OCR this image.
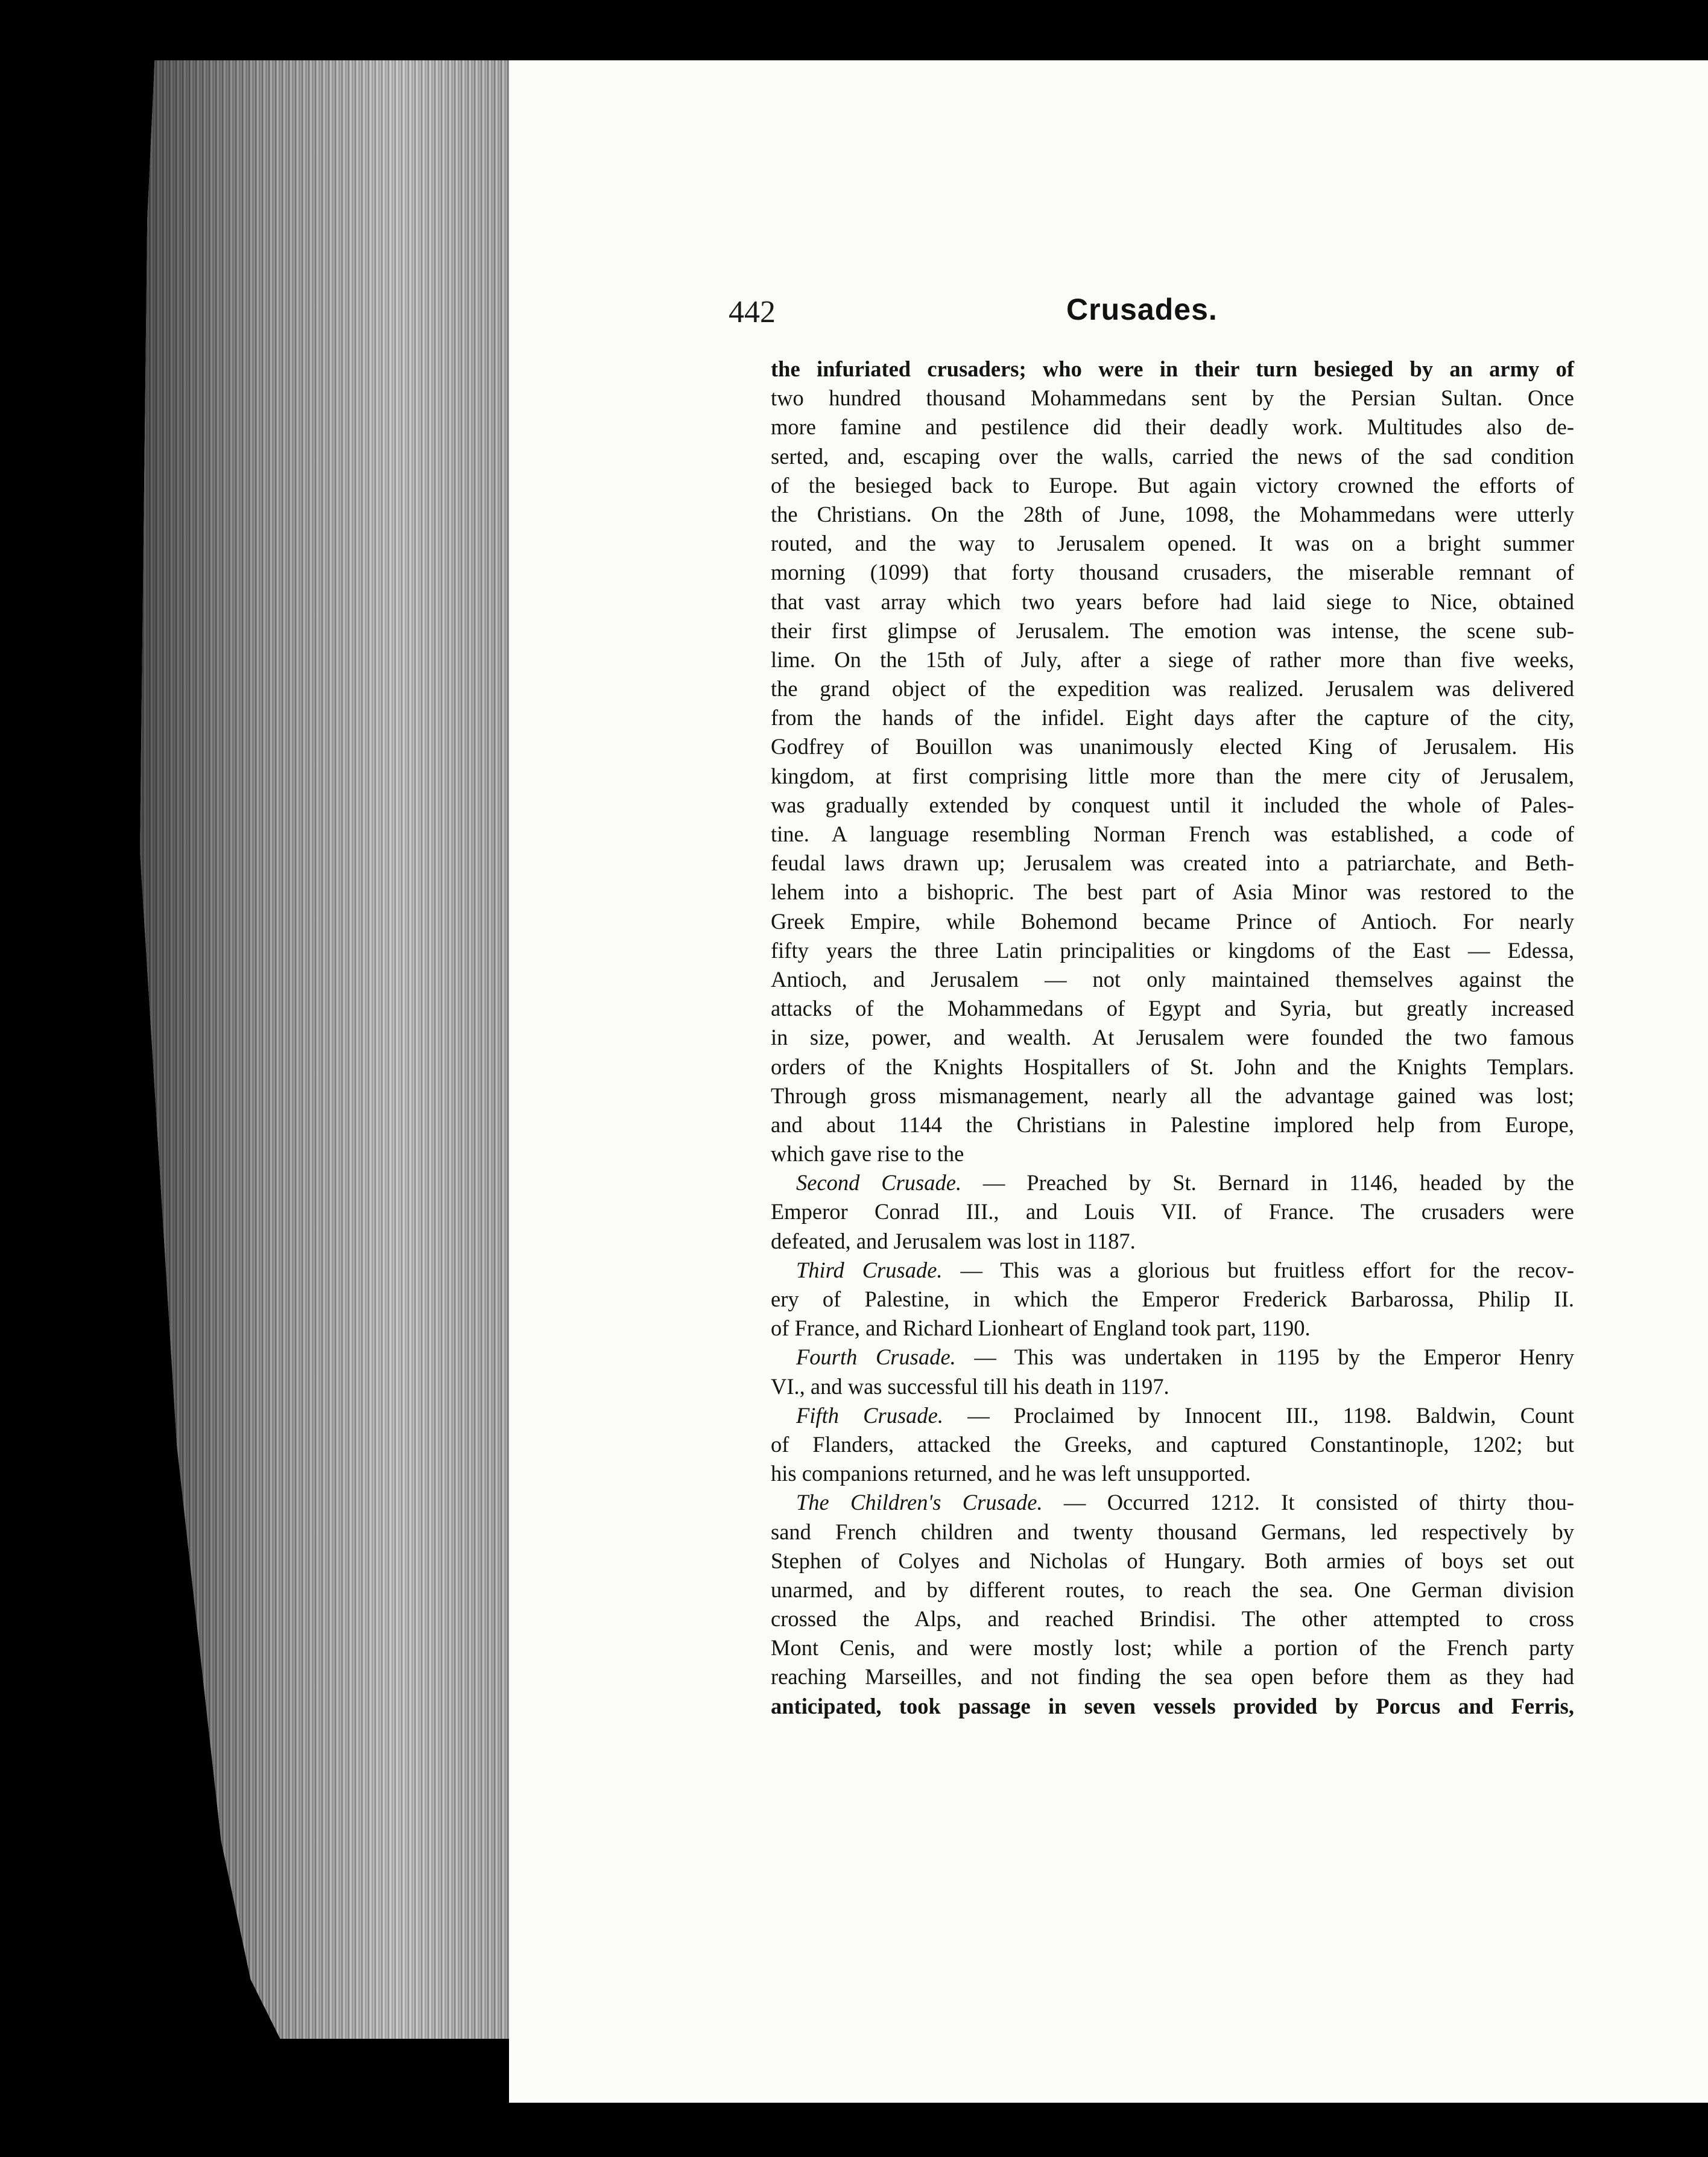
442	Crusades.
the infuriated crusaders; who were in their turn besieged by an army of
two hundred thousand Mohammedans sent by the Persian Sultan. Once
more famine and pestilence did their deadly work. Multitudes also de-
serted, and, escaping over the walls, carried the news of the sad condition
of the besieged back to Europe. But again victory crowned the efforts of
the Christians. On the 28th of June, 1098, the Mohammedans were utterly
routed, and the way to Jerusalem opened. It was on a bright summer
morning (1099) that forty thousand crusaders, the miserable remnant of
that vast array which two years before had laid siege to Nice, obtained
their first glimpse of Jerusalem. The emotion was intense, the scene sub-
lime. On the 15th of July, after a siege of rather more than five weeks,
the grand object of the expedition was realized. Jerusalem was delivered
from the hands of the infidel. Eight days after the capture of the city,
Godfrey of Bouillon was unanimously elected King of Jerusalem. His
kingdom, at first comprising little more than the mere city of Jerusalem,
was gradually extended by conquest until it included the whole of Pales-
tine. A language resembling Norman French was established, a code of
feudal laws drawn up; Jerusalem was created into a patriarchate, and Beth-
lehem into a bishopric. The best part of Asia Minor was restored to the
Greek Empire, while Bohemond became Prince of Antioch. For nearly
fifty years the three Latin principalities or kingdoms of the East — Edessa,
Antioch, and Jerusalem — not only maintained themselves against the
attacks of the Mohammedans of Egypt and Syria, but greatly increased
in size, power, and wealth. At Jerusalem were founded the two famous
orders of the Knights Hospitallers of St. John and the Knights Templars.
Through gross mismanagement, nearly all the advantage gained was lost;
and about 1144 the Christians in Palestine implored help from Europe,
which gave rise to the
Second Crusade. — Preached by St. Bernard in 1146, headed by the
Emperor Conrad III., and Louis VII. of France. The crusaders were
defeated, and Jerusalem was lost in 1187.
Third Crusade. — This was a glorious but fruitless effort for the recov-
ery of Palestine, in which the Emperor Frederick Barbarossa, Philip II.
of France, and Richard Lionheart of England took part, 1190.
Fourth Crusade. — This was undertaken in 1195 by the Emperor Henry
VI., and was successful till his death in 1197.
Fifth Crusade. — Proclaimed by Innocent III., 1198. Baldwin, Count
of Flanders, attacked the Greeks, and captured Constantinople, 1202; but
his companions returned, and he was left unsupported.
The Children's Crusade. — Occurred 1212. It consisted of thirty thou-
sand French children and twenty thousand Germans, led respectively by
Stephen of Colyes and Nicholas of Hungary. Both armies of boys set out
unarmed, and by different routes, to reach the sea. One German division
crossed the Alps, and reached Brindisi. The other attempted to cross
Mont Cenis, and were mostly lost; while a portion of the French party
reaching Marseilles, and not finding the sea open before them as they had
anticipated, took passage in seven vessels provided by Porcus and Ferris,
